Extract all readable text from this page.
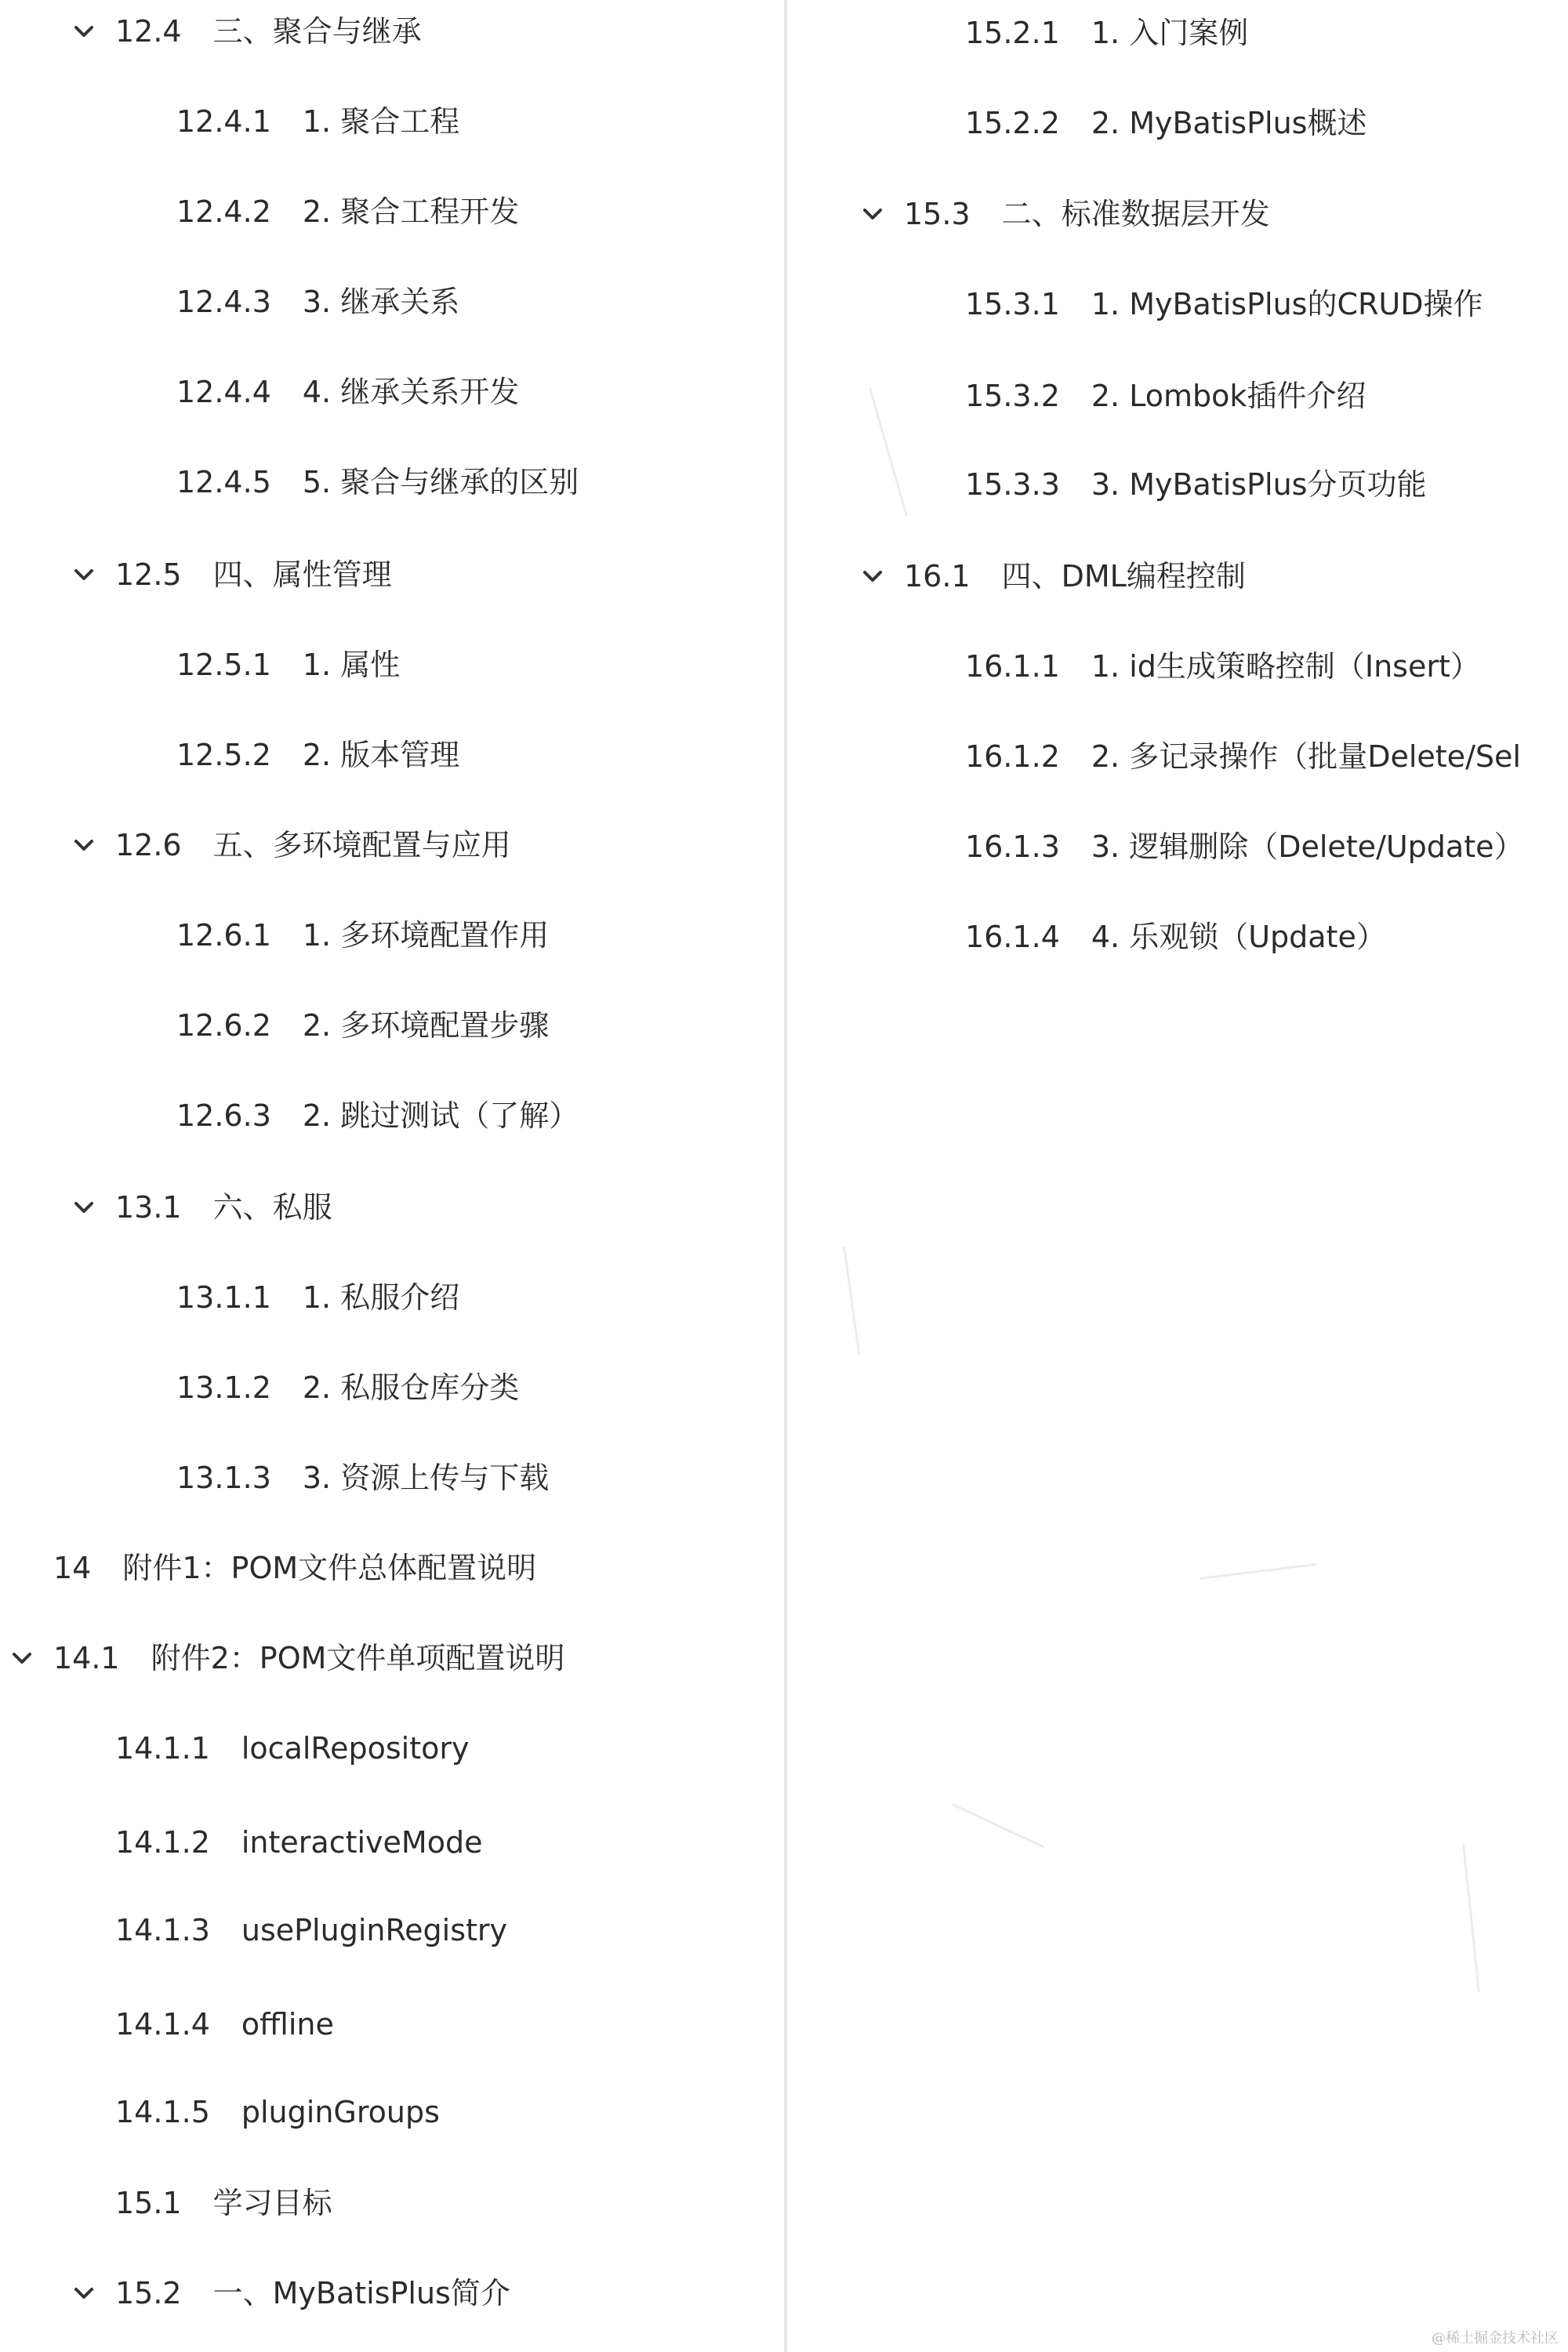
12.4 三、聚合与继承
12.4.1 1. 聚合工程
12.4.2 2. 聚合工程开发
12.4.3 3. 继承关系
12.4.4 4. 继承关系开发
12.4.5 5. 聚合与继承的区别
12.5 四、属性管理
12.5.1 1. 属性
12.5.2 2. 版本管理
12.6 五、多环境配置与应用
12.6.1 1. 多环境配置作用
12.6.2 2. 多环境配置步骤
12.6.3 2. 跳过测试（了解）
13.1 六、私服
13.1.1 1. 私服介绍
13.1.2 2. 私服仓库分类
13.1.3 3. 资源上传与下载
14 附件1：POM文件总体配置说明
14.1 附件2：POM文件单项配置说明
14.1.1 localRepository
14.1.2 interactiveMode
14.1.3 usePluginRegistry
14.1.4 offline
14.1.5 pluginGroups
15.1 学习目标
15.2 一、MyBatisPlus简介
15.2.1 1. 入门案例
15.2.2 2. MyBatisPlus概述
15.3 二、标准数据层开发
15.3.1 1. MyBatisPlus的CRUD操作
15.3.2 2. Lombok插件介绍
15.3.3 3. MyBatisPlus分页功能
16.1 四、DML编程控制
16.1.1 1. id生成策略控制（Insert）
16.1.2 2. 多记录操作（批量Delete/Sel
16.1.3 3. 逻辑删除（Delete/Update）
16.1.4 4. 乐观锁（Update）
@稀土掘金技术社区
